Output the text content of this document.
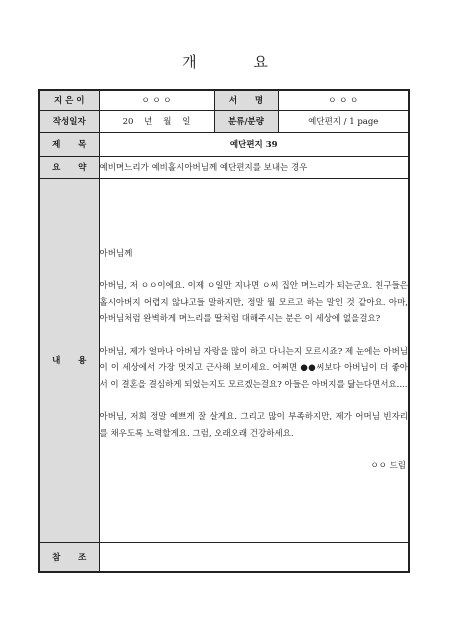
개 요
지 은 이	ㅇ ㅇ ㅇ	서      명	ㅇ ㅇ ㅇ
작성일자	20    년    월    일	분류/분량	예단편지 / 1 page
제      목	예단편지 39		
요      약	예비며느리가 예비홀시아버님께 예단편지를 보내는 경우		
내      용	아버님께

아버님, 저 ㅇㅇ이에요. 이제 ㅇ일만 지나면 ㅇ씨 집안 며느리가 되는군요. 친구들은 홀시아버지 어렵지 않냐고들 말하지만, 정말 뭘 모르고 하는 말인 것 같아요. 아마, 아버님처럼 완벽하게 며느리를 딸처럼 대해주시는 분은 이 세상에 없을걸요?

아버님, 제가 얼마나 아버님 자랑을 많이 하고 다니는지 모르시죠? 제 눈에는 아버님이 이 세상에서 가장 멋지고 근사해 보이세요. 어쩌면 ●●씨보다 아버님이 더 좋아서 이 결혼을 결심하게 되었는지도 모르겠는걸요? 아들은 아버지를 닮는다면서요....

아버님, 저희 정말 예쁘게 잘 살게요. 그리고 많이 부족하지만, 제가 어머님 빈자리를 채우도록 노력할게요. 그럼, 오래오래 건강하세요.

ㅇㅇ 드림		

참      조			
